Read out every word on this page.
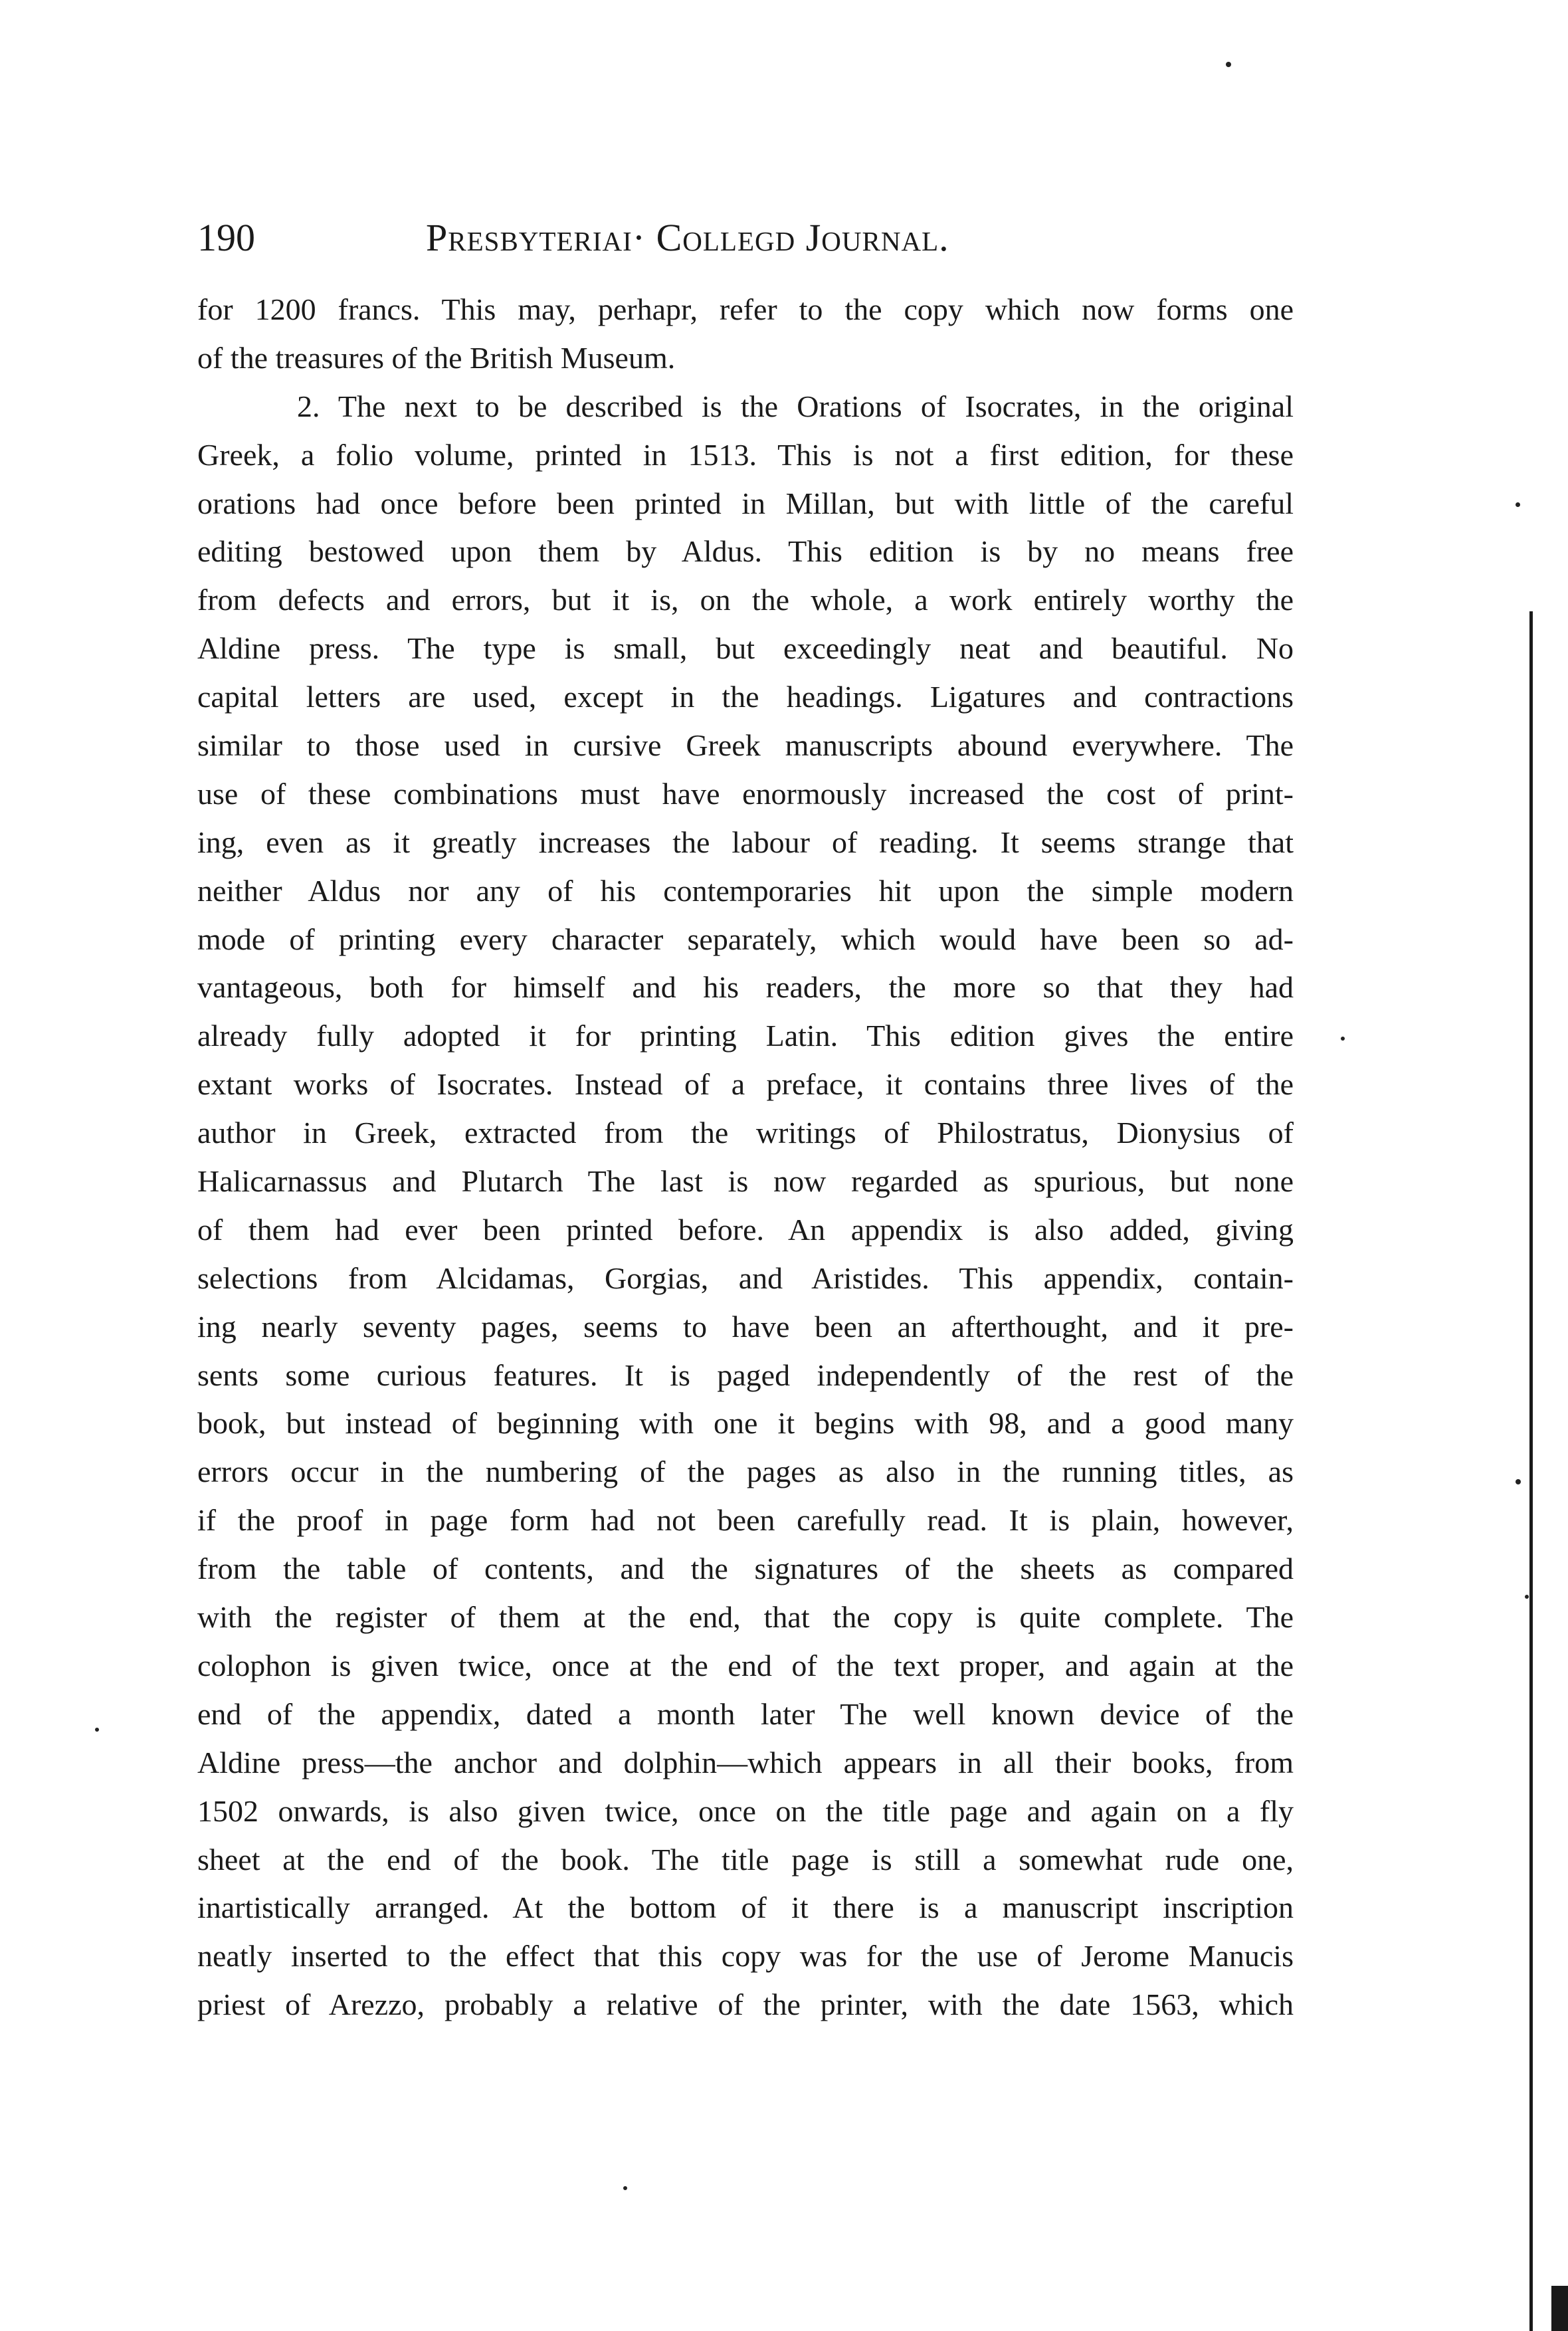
190	Presbyteriai· Collegd Journal.
for 1200 francs. This may, perhapr, refer to the copy which now forms one
of the treasures of the British Museum.
2. The next to be described is the Orations of Isocrates, in the original
Greek, a folio volume, printed in 1513. This is not a first edition, for these
orations had once before been printed in Millan, but with little of the careful
editing bestowed upon them by Aldus. This edition is by no means free
from defects and errors, but it is, on the whole, a work entirely worthy the
Aldine press. The type is small, but exceedingly neat and beautiful. No
capital letters are used, except in the headings. Ligatures and contractions
similar to those used in cursive Greek manuscripts abound everywhere. The
use of these combinations must have enormously increased the cost of print-
ing, even as it greatly increases the labour of reading. It seems strange that
neither Aldus nor any of his contemporaries hit upon the simple modern
mode of printing every character separately, which would have been so ad-
vantageous, both for himself and his readers, the more so that they had
already fully adopted it for printing Latin. This edition gives the entire
extant works of Isocrates. Instead of a preface, it contains three lives of the
author in Greek, extracted from the writings of Philostratus, Dionysius of
Halicarnassus and Plutarch The last is now regarded as spurious, but none
of them had ever been printed before. An appendix is also added, giving
selections from Alcidamas, Gorgias, and Aristides. This appendix, contain-
ing nearly seventy pages, seems to have been an afterthought, and it pre-
sents some curious features. It is paged independently of the rest of the
book, but instead of beginning with one it begins with 98, and a good many
errors occur in the numbering of the pages as also in the running titles, as
if the proof in page form had not been carefully read. It is plain, however,
from the table of contents, and the signatures of the sheets as compared
with the register of them at the end, that the copy is quite complete. The
colophon is given twice, once at the end of the text proper, and again at the
end of the appendix, dated a month later The well known device of the
Aldine press—the anchor and dolphin—which appears in all their books, from
1502 onwards, is also given twice, once on the title page and again on a fly
sheet at the end of the book. The title page is still a somewhat rude one,
inartistically arranged. At the bottom of it there is a manuscript inscription
neatly inserted to the effect that this copy was for the use of Jerome Manucis
priest of Arezzo, probably a relative of the printer, with the date 1563, which
